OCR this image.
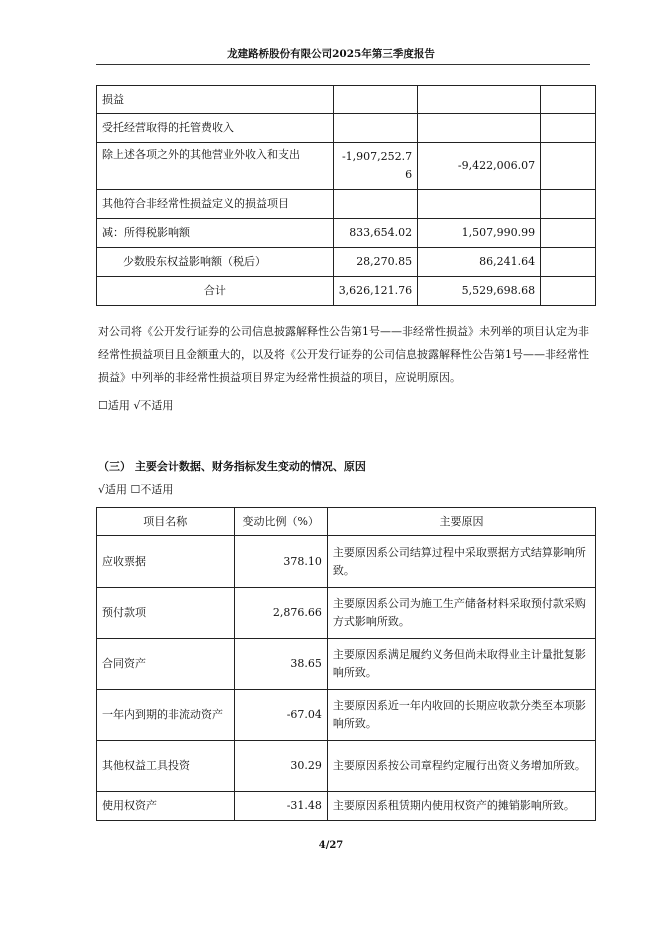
龙建路桥股份有限公司2025年第三季度报告
损益			
受托经营取得的托管费收入			
除上述各项之外的其他营业外收入和支出	-1,907,252.76	-9,422,006.07	
其他符合非经常性损益定义的损益项目			
减：所得税影响额	833,654.02	1,507,990.99	
少数股东权益影响额（税后）	28,270.85	86,241.64	
合计	3,626,121.76	5,529,698.68	
对公司将《公开发行证券的公司信息披露解释性公告第1号——非经常性损益》未列举的项目认定为非经常性损益项目且金额重大的，以及将《公开发行证券的公司信息披露解释性公告第1号——非经常性损益》中列举的非经常性损益项目界定为经常性损益的项目，应说明原因。
☐适用 √不适用
（三） 主要会计数据、财务指标发生变动的情况、原因
√适用 ☐不适用
项目名称	变动比例（%）	主要原因
应收票据	378.10	主要原因系公司结算过程中采取票据方式结算影响所致。
预付款项	2,876.66	主要原因系公司为施工生产储备材料采取预付款采购方式影响所致。
合同资产	38.65	主要原因系满足履约义务但尚未取得业主计量批复影响所致。
一年内到期的非流动资产	-67.04	主要原因系近一年内收回的长期应收款分类至本项影响所致。
其他权益工具投资	30.29	主要原因系按公司章程约定履行出资义务增加所致。
使用权资产	-31.48	主要原因系租赁期内使用权资产的摊销影响所致。
4/27
